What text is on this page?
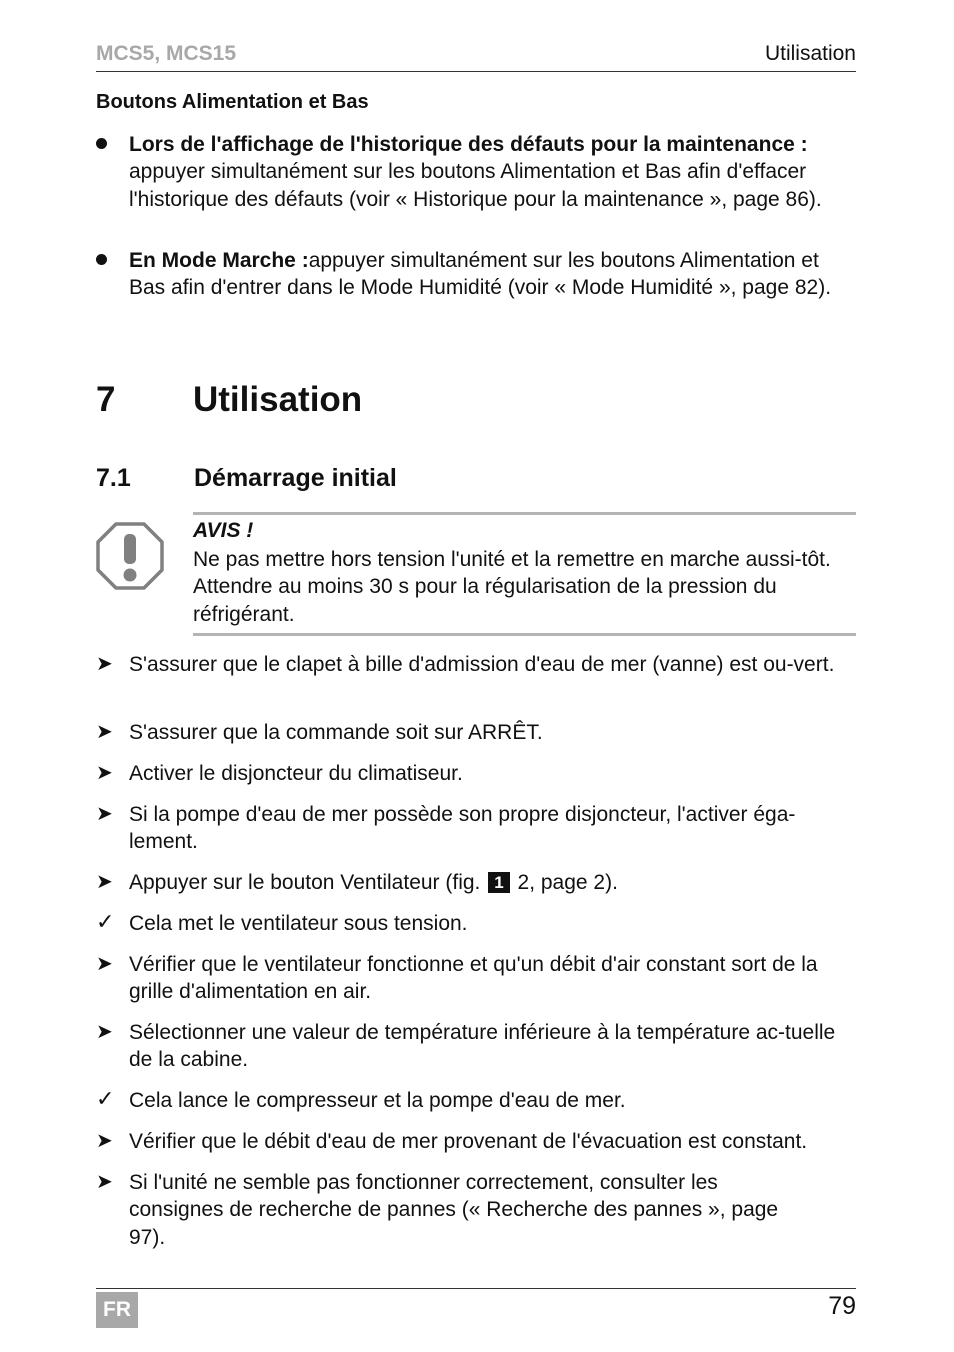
MCS5, MCS15	Utilisation
Boutons Alimentation et Bas
Lors de l'affichage de l'historique des défauts pour la maintenance : appuyer simultanément sur les boutons Alimentation et Bas afin d'effacer l'historique des défauts (voir « Historique pour la maintenance », page 86).
En Mode Marche :appuyer simultanément sur les boutons Alimentation et Bas afin d'entrer dans le Mode Humidité (voir « Mode Humidité », page 82).
7 Utilisation
7.1	Démarrage initial
AVIS !
Ne pas mettre hors tension l'unité et la remettre en marche aussi-tôt. Attendre au moins 30 s pour la régularisation de la pression du réfrigérant.
➤ S'assurer que le clapet à bille d'admission d'eau de mer (vanne) est ou-vert.
➤ S'assurer que la commande soit sur ARRÊT.
➤ Activer le disjoncteur du climatiseur.
➤ Si la pompe d'eau de mer possède son propre disjoncteur, l'activer éga-lement.
➤ Appuyer sur le bouton Ventilateur (fig. 1 2, page 2).
✓ Cela met le ventilateur sous tension.
➤ Vérifier que le ventilateur fonctionne et qu'un débit d'air constant sort de la grille d'alimentation en air.
➤ Sélectionner une valeur de température inférieure à la température ac-tuelle de la cabine.
✓ Cela lance le compresseur et la pompe d'eau de mer.
➤ Vérifier que le débit d'eau de mer provenant de l'évacuation est constant.
➤ Si l'unité ne semble pas fonctionner correctement, consulter les consignes de recherche de pannes (« Recherche des pannes », page 97).
FR	79
